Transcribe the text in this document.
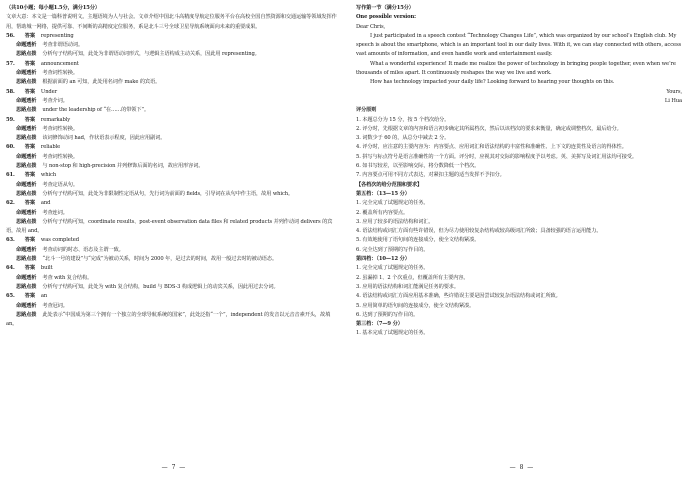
（共10小题；每小题1.5分，满分15分）

文章大意：本文是一篇科普说明文。主题语境为人与社会。文章介绍中国北斗高精度导航定位服务平台在高校全国自然资源和交通运输等领域发挥作用，帮助城一网络，提供可靠、不间断的高精度定位服务，系是北斗三号全球卫星导航系统面向未来的重要成果。

56. 答案 representing

命题透析 考查非谓语动词。

思路点拨 分析句子结构可知，此处为非谓语动词形式，与逻辑主语构成主动关系，因此用 representing。

57. 答案 announcement

命题透析 考查词性转换。

思路点拨 根据前面的 an 可知，此处用名词作 make 的宾语。

58. 答案 Under

命题透析 考查介词。

思路点拨 under the leadership of “在……的带领下”。

59. 答案 remarkably

命题透析 考查词性转换。

思路点拨 该词修饰动词 had，作状语表示程度，因此应用副词。

60. 答案 reliable

命题透析 考查词性转换。

思路点拨 与 non-stop 和 high-precision 并列修饰后面的名词，故应用形容词。

61. 答案 which

命题透析 考查定语从句。

思路点拨 分析句子结构可知，此处为非限制性定语从句，先行词为前面的 fields，引导词在从句中作主语，故用 which。

62. 答案 and

命题透析 考查连词。

思路点拨 分析句子结构可知，coordinate results、post-event observation data files 和 related products 并列作动词 delivers 的宾语，故用 and。

63. 答案 was completed

命题透析 考查动词的时态、语态及主谓一致。

思路点拨 “北斗一号的建设”与“完成”为被动关系，时间为 2000 年，是过去的时间，故用一般过去时的被动语态。

64. 答案 built

命题透析 考查 with 复合结构。

思路点拨 分析句子结构可知，此处为 with 复合结构，build 与 BDS-3 构成逻辑上的动宾关系，因此用过去分词。

65. 答案 an

命题透析 考查冠词。

思路点拨 此处表示“中国成为第三个拥有一个独立的全球导航系统的国家”，此处泛指“一个”，independent 的发音以元音音素开头，故填 an。

— 7 —

写作第一节（满分15分）

One possible version:

Dear Chris,

I just participated in a speech contest “Technology Changes Life”, which was organized by our school’s English club. My speech is about the smartphone, which is an important tool in our daily lives. With it, we can stay connected with others, access vast amounts of information, and even handle work and entertainment easily.

What a wonderful experience! It made me realize the power of technology in bringing people together, even when we’re thousands of miles apart. It continuously reshapes the way we live and work.

How has technology impacted your daily life? Looking forward to hearing your thoughts on this.

Yours,

Li Hua

评分原则

1. 本题总分为 15 分，按 5 个档次给分。

2. 评分时，先根据文章的内容和语言初步确定其所属档次，然后以该档次的要求来衡量，确定或调整档次，最后给分。

3. 词数少于 60 的，从总分中减去 2 分。

4. 评分时，应注意的主要内容为：内容要点、应用词汇和语法结构的丰富性和准确性、上下文的连贯性及语言的得体性。

5. 拼写与标点符号是语言准确性的一个方面。评分时，应视其对交际的影响程度予以考虑。英、美拼写及词汇用法均可接受。

6. 如书写较差，以至影响交际，将分数降低一个档次。

7. 内容要点可用不同方式表达，对紧扣主题的适当发挥不予扣分。

【各档次的给分范围和要求】

第五档：（13—15 分）

1. 完全完成了试题规定的任务。

2. 覆盖所有内容要点。

3. 应用了较多的语法结构和词汇。

4. 语法结构或词汇方面有些许错误，但为尽力使用较复杂结构或较高级词汇所致；具备较强的语言运用能力。

5. 有效地使用了语句间的连接成分，使全文结构紧凑。

6. 完全达到了预期的写作目的。

第四档：（10—12 分）

1. 完全完成了试题规定的任务。

2. 虽漏掉 1、2 个次重点，但覆盖所有主要内容。

3. 应用的语法结构和词汇能满足任务的要求。

4. 语法结构或词汇方面应用基本准确，些许错误主要是因尝试较复杂语法结构或词汇所致。

5. 应用简单的语句间的连接成分，使全文结构紧凑。

6. 达到了预期的写作目的。

第三档：（7—9 分）

1. 基本完成了试题规定的任务。

— 8 —
